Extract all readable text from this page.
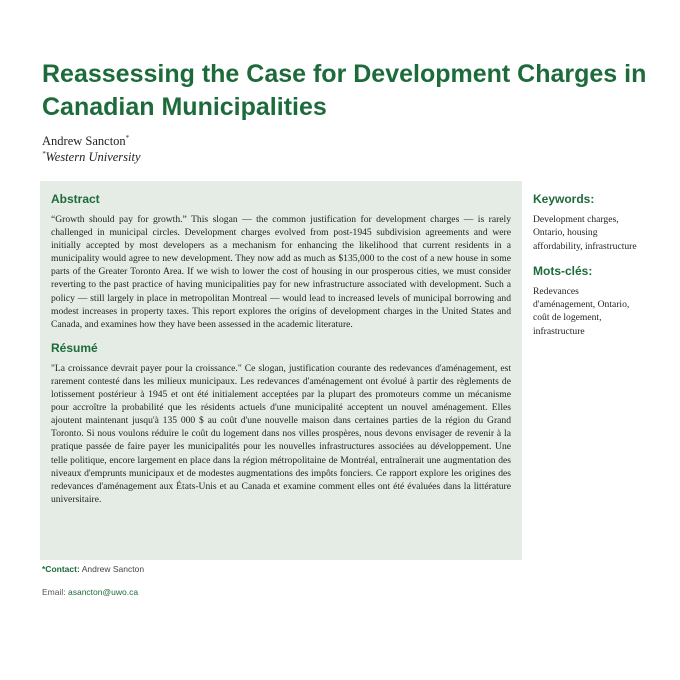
Reassessing the Case for Development Charges in Canadian Municipalities
Andrew Sancton*
*Western University
Abstract

“Growth should pay for growth.” This slogan — the common justification for development charges — is rarely challenged in municipal circles. Development charges evolved from post-1945 subdivision agreements and were initially accepted by most developers as a mechanism for enhancing the likelihood that current residents in a municipality would agree to new development. They now add as much as $135,000 to the cost of a new house in some parts of the Greater Toronto Area. If we wish to lower the cost of housing in our prosperous cities, we must consider reverting to the past practice of having municipalities pay for new infrastructure associated with development. Such a policy — still largely in place in metropolitan Montreal — would lead to increased levels of municipal borrowing and modest increases in property taxes. This report explores the origins of development charges in the United States and Canada, and examines how they have been assessed in the academic literature.

Résumé

"La croissance devrait payer pour la croissance." Ce slogan, justification courante des redevances d'aménagement, est rarement contesté dans les milieux municipaux. Les redevances d'aménagement ont évolué à partir des règlements de lotissement postérieur à 1945 et ont été initialement acceptées par la plupart des promoteurs comme un mécanisme pour accroître la probabilité que les résidents actuels d'une municipalité acceptent un nouvel aménagement. Elles ajoutent maintenant jusqu'à 135 000 $ au coût d'une nouvelle maison dans certaines parties de la région du Grand Toronto. Si nous voulons réduire le coût du logement dans nos villes prospères, nous devons envisager de revenir à la pratique passée de faire payer les municipalités pour les nouvelles infrastructures associées au développement. Une telle politique, encore largement en place dans la région métropolitaine de Montréal, entraînerait une augmentation des niveaux d'emprunts municipaux et de modestes augmentations des impôts fonciers. Ce rapport explore les origines des redevances d'aménagement aux États-Unis et au Canada et examine comment elles ont été évaluées dans la littérature universitaire.

Keywords:

Development charges, Ontario, housing affordability, infrastructure

Mots-clés:

Redevances d'aménagement, Ontario, coût de logement, infrastructure

*Contact: Andrew Sancton
Email: asancton@uwo.ca
